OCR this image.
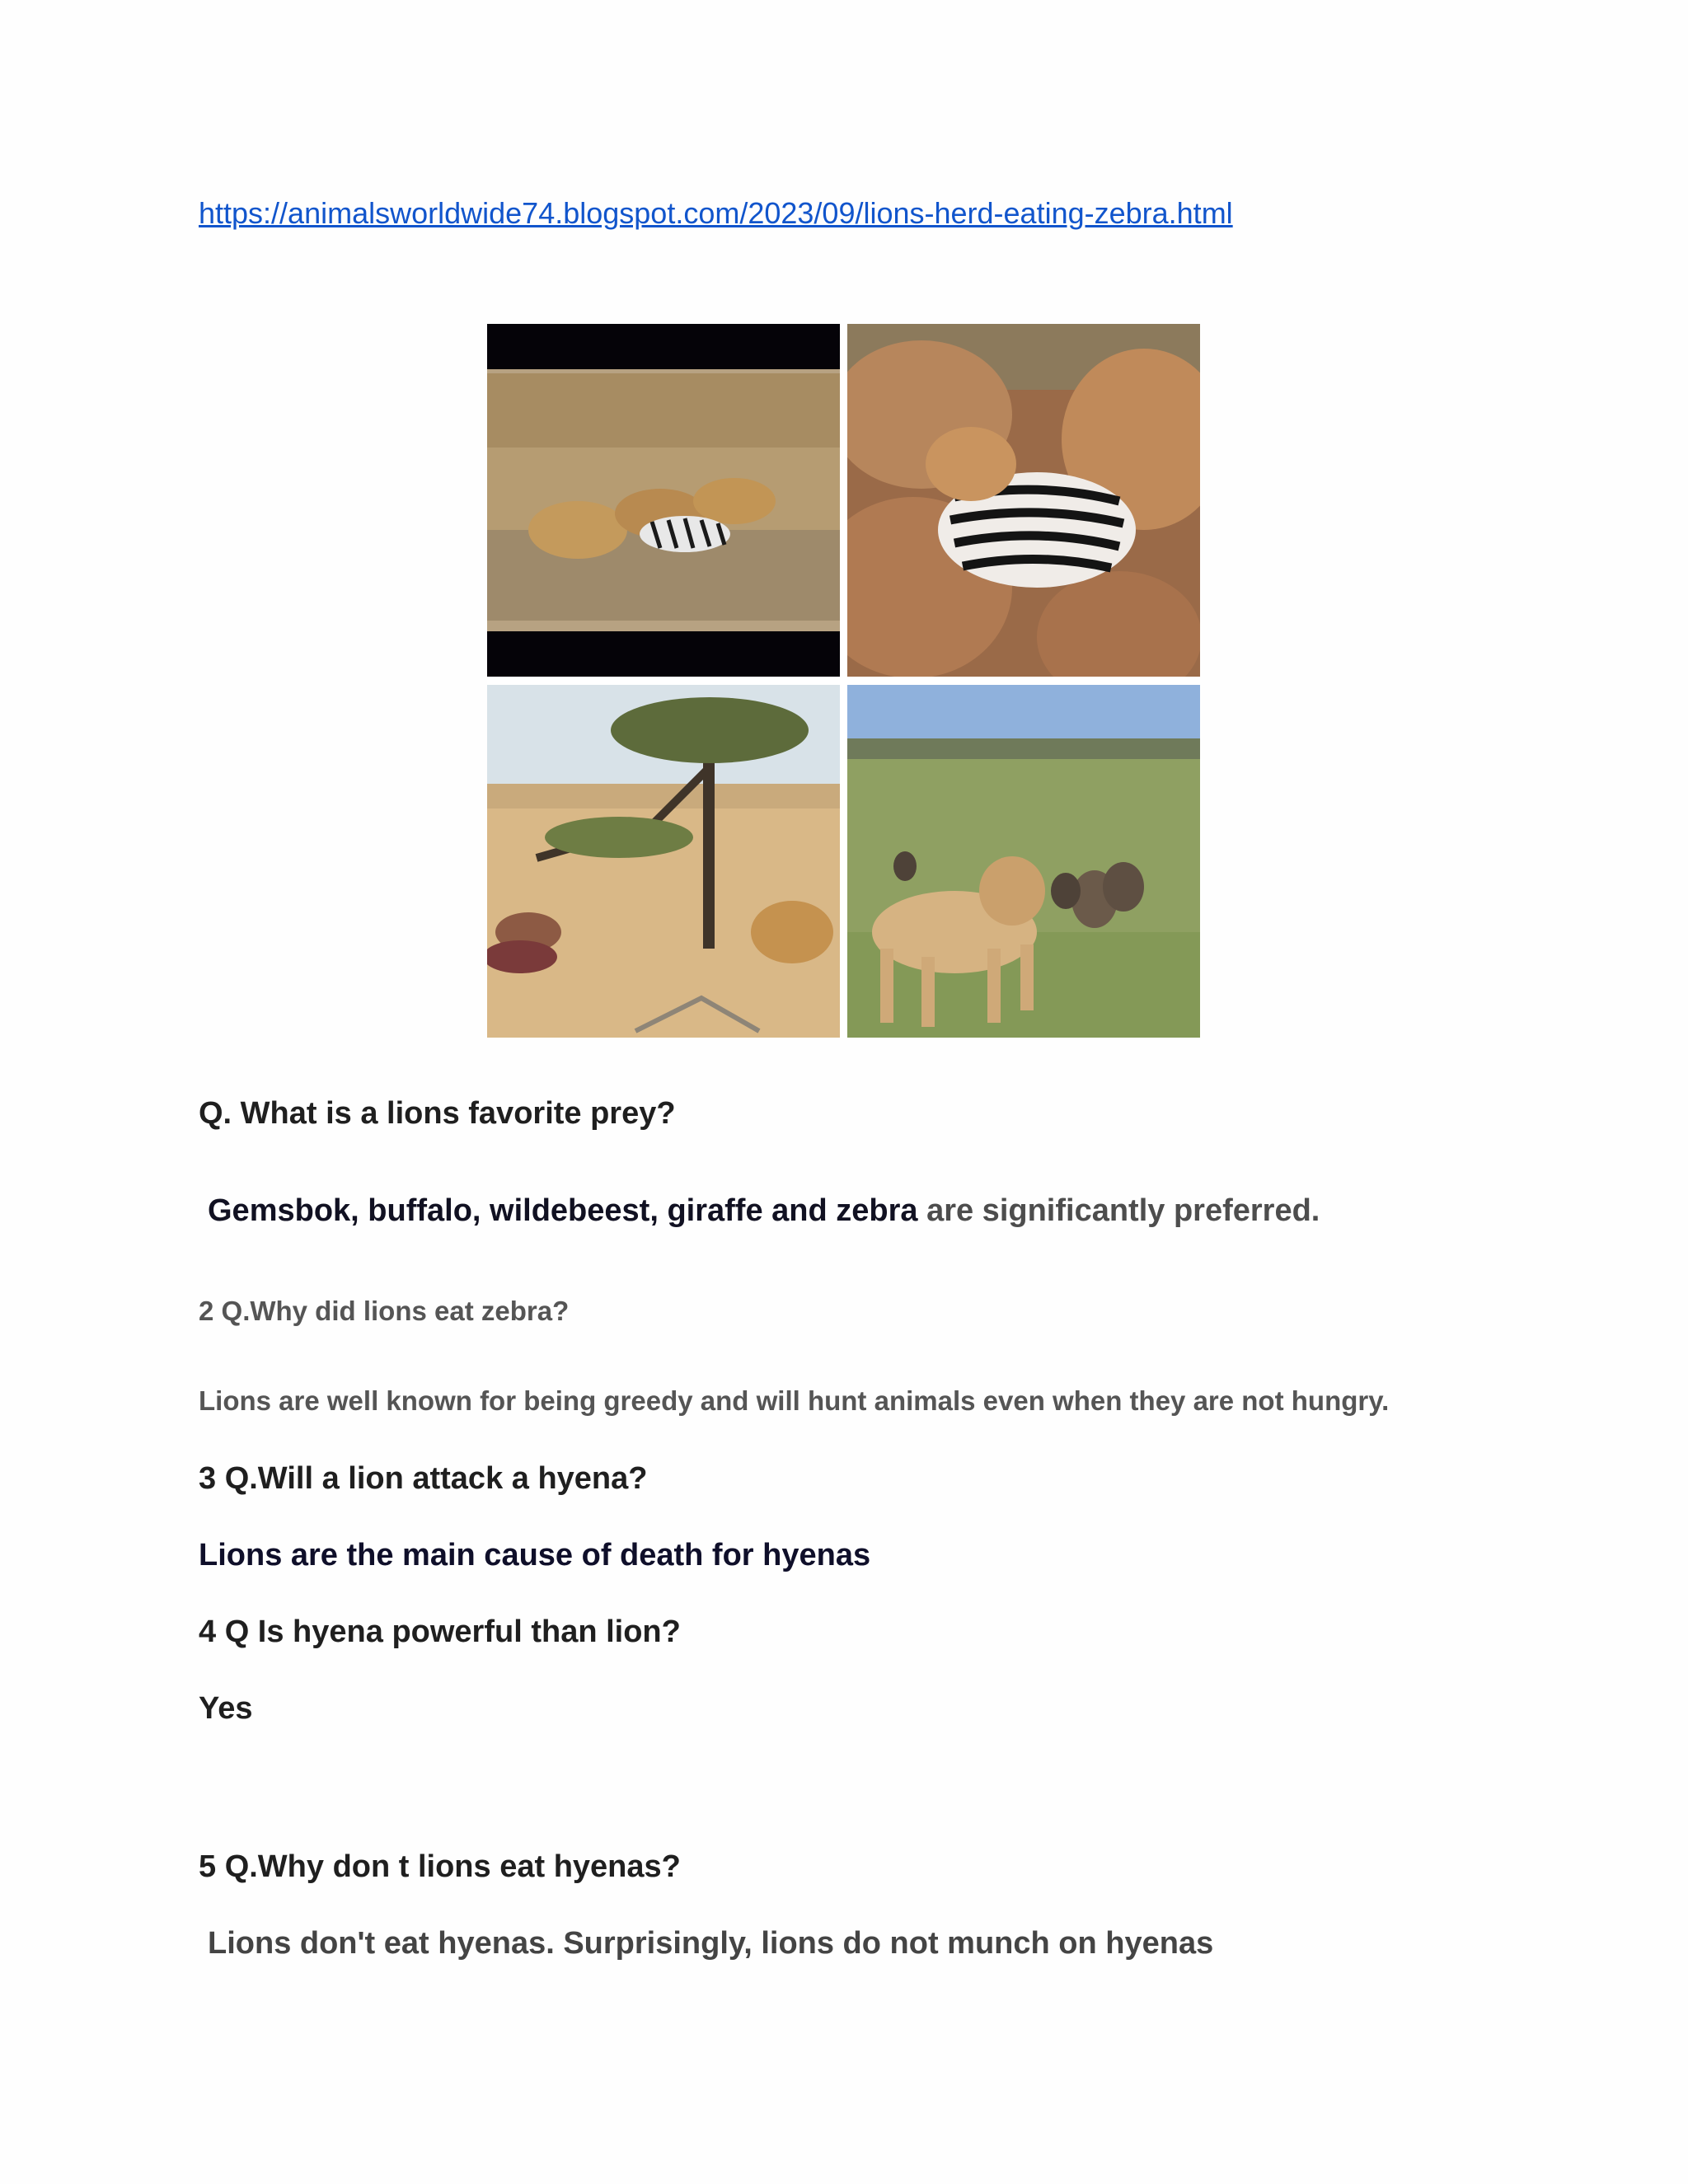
https://animalsworldwide74.blogspot.com/2023/09/lions-herd-eating-zebra.html
Q. What is a lions favorite prey?
Gemsbok, buffalo, wildebeest, giraffe and zebra are significantly preferred.
2 Q.Why did lions eat zebra?
Lions are well known for being greedy and will hunt animals even when they are not hungry.
3 Q.Will a lion attack a hyena?
Lions are the main cause of death for hyenas
4 Q Is hyena powerful than lion?
Yes
5 Q.Why don t lions eat hyenas?
Lions don't eat hyenas. Surprisingly, lions do not munch on hyenas
